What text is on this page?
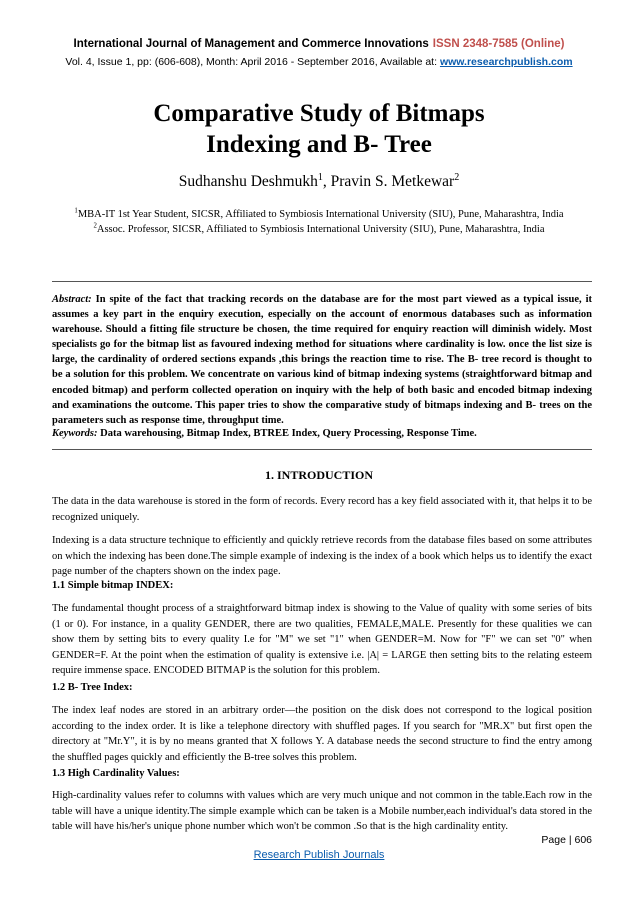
International Journal of Management and Commerce Innovations ISSN 2348-7585 (Online)
Vol. 4, Issue 1, pp: (606-608), Month: April 2016 - September 2016, Available at: www.researchpublish.com
Comparative Study of Bitmaps
Indexing and B- Tree
Sudhanshu Deshmukh$^1$, Pravin S. Metkewar$^2$
$^1$MBA-IT 1st Year Student, SICSR, Affiliated to Symbiosis International University (SIU), Pune, Maharashtra, India
$^2$Assoc. Professor, SICSR, Affiliated to Symbiosis International University (SIU), Pune, Maharashtra, India

Abstract: In spite of the fact that tracking records on the database are for the most part viewed as a typical issue, it assumes a key part in the enquiry execution, especially on the account of enormous databases such as information warehouse. Should a fitting file structure be chosen, the time required for enquiry reaction will diminish widely. Most specialists go for the bitmap list as favoured indexing method for situations where cardinality is low. once the list size is large, the cardinality of ordered sections expands ,this brings the reaction time to rise. The B- tree record is thought to be a solution for this problem. We concentrate on various kind of bitmap indexing systems (straightforward bitmap and encoded bitmap) and perform collected operation on inquiry with the help of both basic and encoded bitmap indexing and examinations the outcome. This paper tries to show the comparative study of bitmaps indexing and B- trees on the parameters such as response time, throughput time.

Keywords: Data warehousing, Bitmap Index, BTREE Index, Query Processing, Response Time.

1. INTRODUCTION

The data in the data warehouse is stored in the form of records. Every record has a key field associated with it, that helps it to be recognized uniquely.

Indexing is a data structure technique to efficiently and quickly retrieve records from the database files based on some attributes on which the indexing has been done.The simple example of indexing is the index of a book which helps us to identify the exact page number of the chapters shown on the index page.

1.1 Simple bitmap INDEX:

The fundamental thought process of a straightforward bitmap index is showing to the Value of quality with some series of bits (1 or 0). For instance, in a quality GENDER, there are two qualities, FEMALE,MALE. Presently for these qualities we can show them by setting bits to every quality I.e for "M" we set "1" when GENDER=M. Now for "F" we can set "0" when GENDER=F. At the point when the estimation of quality is extensive i.e. |A| = LARGE then setting bits to the relating esteem require immense space. ENCODED BITMAP is the solution for this problem.

1.2 B- Tree Index:

The index leaf nodes are stored in an arbitrary order—the position on the disk does not correspond to the logical position according to the index order. It is like a telephone directory with shuffled pages. If you search for "MR.X" but first open the directory at "Mr.Y", it is by no means granted that X follows Y. A database needs the second structure to find the entry among the shuffled pages quickly and efficiently the B-tree solves this problem.

1.3 High Cardinality Values:

High-cardinality values refer to columns with values which are very much unique and not common in the table.Each row in the table will have a unique identity.The simple example which can be taken is a Mobile number,each individual's data stored in the table will have his/her's unique phone number which won't be common .So that is the high cardinality entity.

Page | 606
Research Publish Journals
